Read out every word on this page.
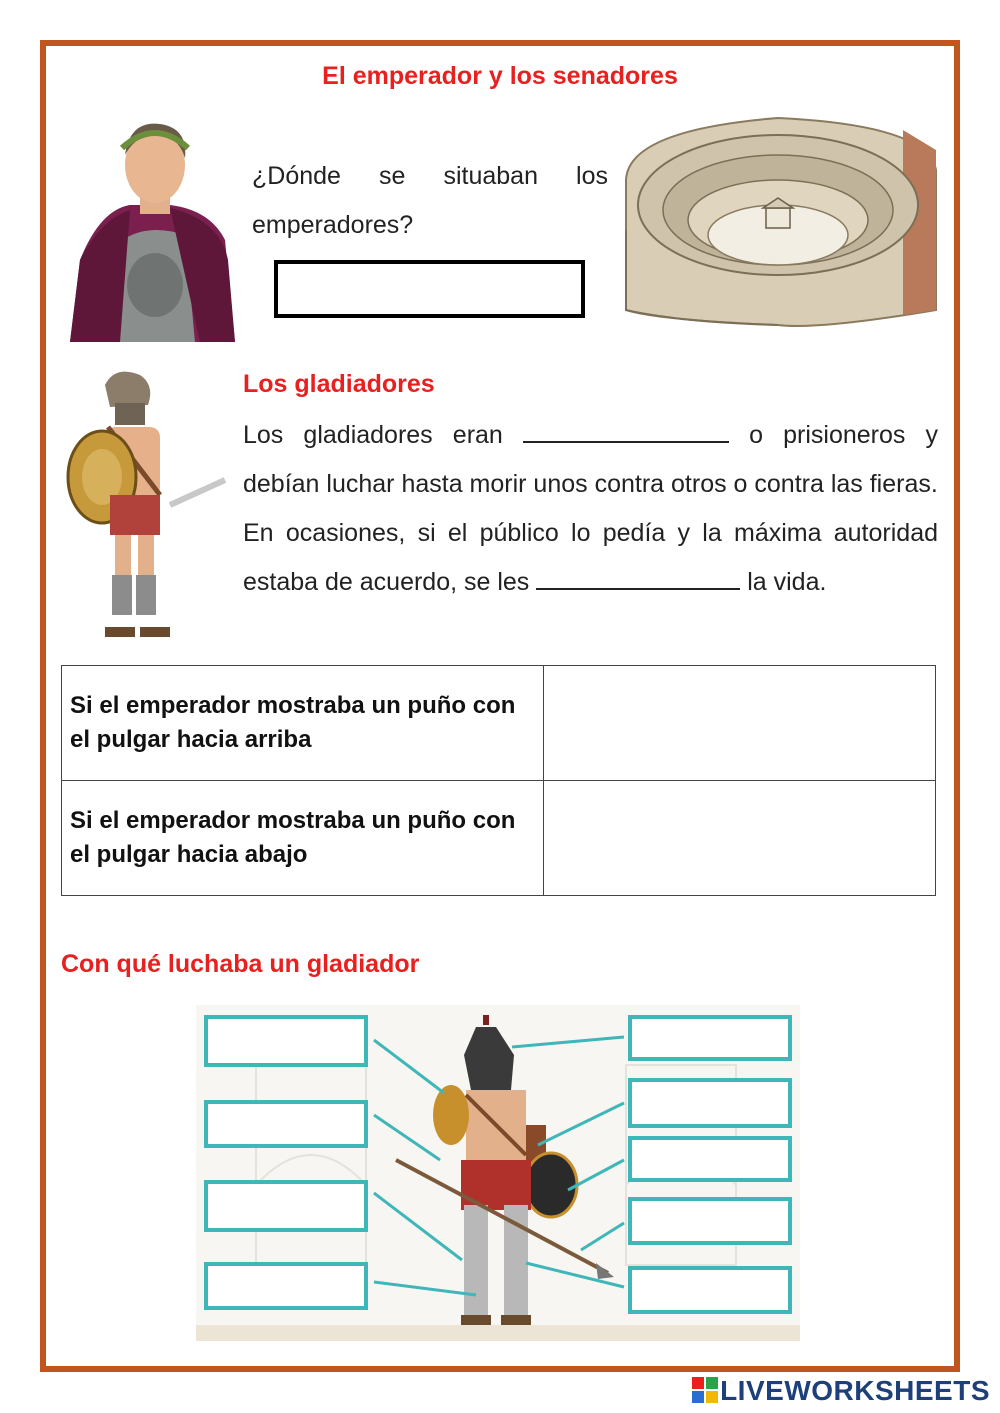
El emperador y los senadores
¿Dónde se situaban los emperadores?
Los gladiadores
Los gladiadores eran	o prisioneros y debían luchar hasta morir unos contra otros o contra las fieras.
En ocasiones, si el público lo pedía y la máxima autoridad estaba de acuerdo, se les	la vida.
Si el emperador mostraba un puño con el pulgar hacia arriba	
Si el emperador mostraba un puño con el pulgar hacia abajo	
Con qué luchaba un gladiador
LIVEWORKSHEETS
